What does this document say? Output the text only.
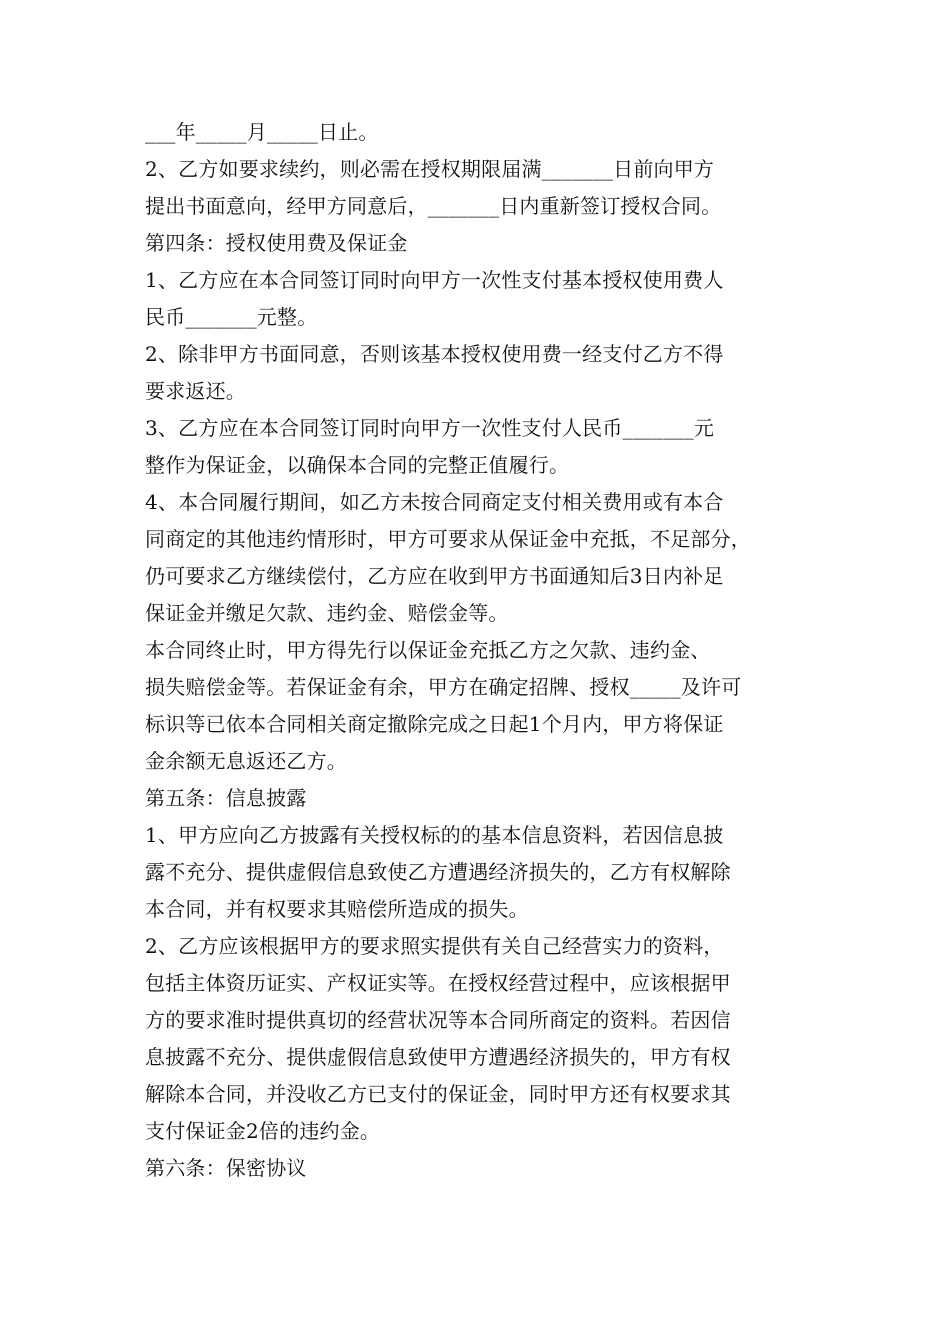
___年_____月_____日止。
2、乙方如要求续约，则必需在授权期限届满_______日前向甲方
提出书面意向，经甲方同意后，_______日内重新签订授权合同。
第四条：授权使用费及保证金
1、乙方应在本合同签订同时向甲方一次性支付基本授权使用费人
民币_______元整。
2、除非甲方书面同意，否则该基本授权使用费一经支付乙方不得
要求返还。
3、乙方应在本合同签订同时向甲方一次性支付人民币_______元
整作为保证金，以确保本合同的完整正值履行。
4、本合同履行期间，如乙方未按合同商定支付相关费用或有本合
同商定的其他违约情形时，甲方可要求从保证金中充抵，不足部分，
仍可要求乙方继续偿付，乙方应在收到甲方书面通知后3日内补足
保证金并缴足欠款、违约金、赔偿金等。
本合同终止时，甲方得先行以保证金充抵乙方之欠款、违约金、
损失赔偿金等。若保证金有余，甲方在确定招牌、授权_____及许可
标识等已依本合同相关商定撤除完成之日起1个月内，甲方将保证
金余额无息返还乙方。
第五条：信息披露
1、甲方应向乙方披露有关授权标的的基本信息资料，若因信息披
露不充分、提供虚假信息致使乙方遭遇经济损失的，乙方有权解除
本合同，并有权要求其赔偿所造成的损失。
2、乙方应该根据甲方的要求照实提供有关自己经营实力的资料，
包括主体资历证实、产权证实等。在授权经营过程中，应该根据甲
方的要求准时提供真切的经营状况等本合同所商定的资料。若因信
息披露不充分、提供虚假信息致使甲方遭遇经济损失的，甲方有权
解除本合同，并没收乙方已支付的保证金，同时甲方还有权要求其
支付保证金2倍的违约金。
第六条：保密协议
